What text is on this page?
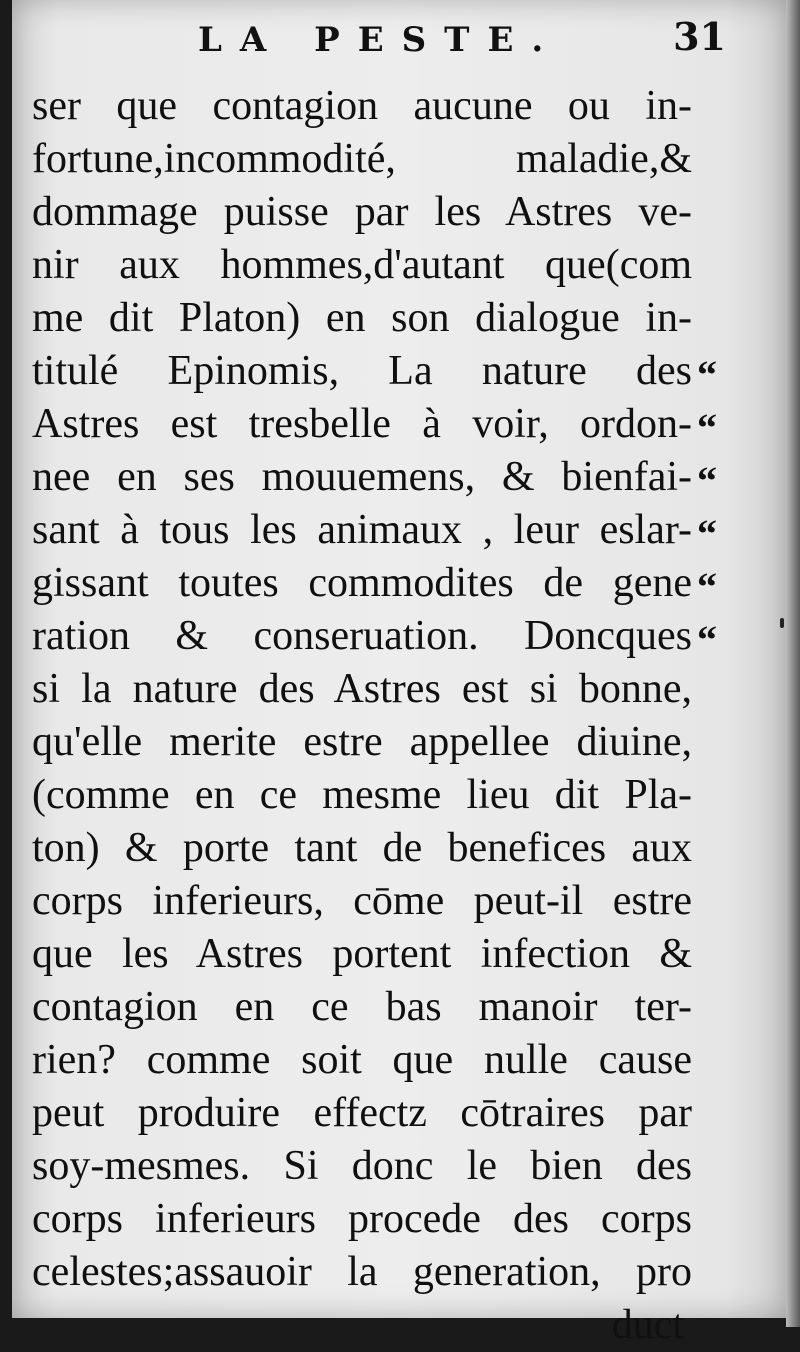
LA PESTE.	31
ser que contagion aucune ou in-
fortune,incommodité, maladie,&
dommage puisse par les Astres ve-
nir aux hommes,d'autant que(com
me dit Platon) en son dialogue in-
titulé Epinomis, La nature des
Astres est tresbelle à voir, ordon-
nee en ses mouuemens, & bienfai-
sant à tous les animaux , leur eslar-
gissant toutes commodites de gene
ration & conseruation. Doncques
si la nature des Astres est si bonne,
qu'elle merite estre appellee diuine,
(comme en ce mesme lieu dit Pla-
ton) & porte tant de benefices aux
corps inferieurs, cōme peut-il estre
que les Astres portent infection &
contagion en ce bas manoir ter-
rien? comme soit que nulle cause
peut produire effectz cōtraires par
soy-mesmes. Si donc le bien des
corps inferieurs procede des corps
celestes;assauoir la generation, pro
duct
“
“
“
“
“
“
